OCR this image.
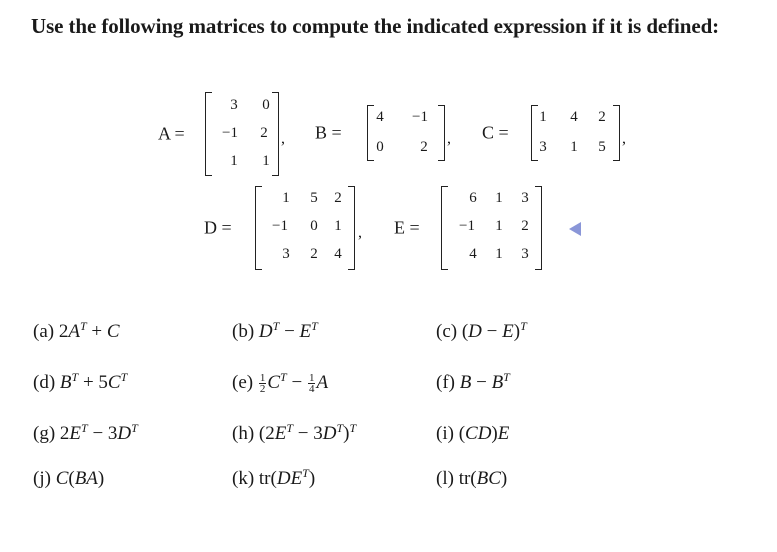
Use the following matrices to compute the indicated expression if it is defined:
A =
3	0
−1	2
1	1
, B =
4	−1
0	2	, C =
1	4	2
3	1	5	,
D =
1	5	2
−1	0	1
3	2	4
, E =
6	1	3
−1	1	2
4	1	3
(a) $2A^T + C$	(b) $D^T - E^T$	(c) $(D - E)^T$
(d) $B^T + 5C^T$	$(e) \frac{1}{2} C^T - \frac{1}{4}$ A	(f) $B - B^T$
(g) $2E^T - 3D^T$	(h) $(2E^T - 3D^T)^T$	(i) (CD)E
(j) C(BA)	(k) $tr(DE^T)$	(l) tr(BC)
